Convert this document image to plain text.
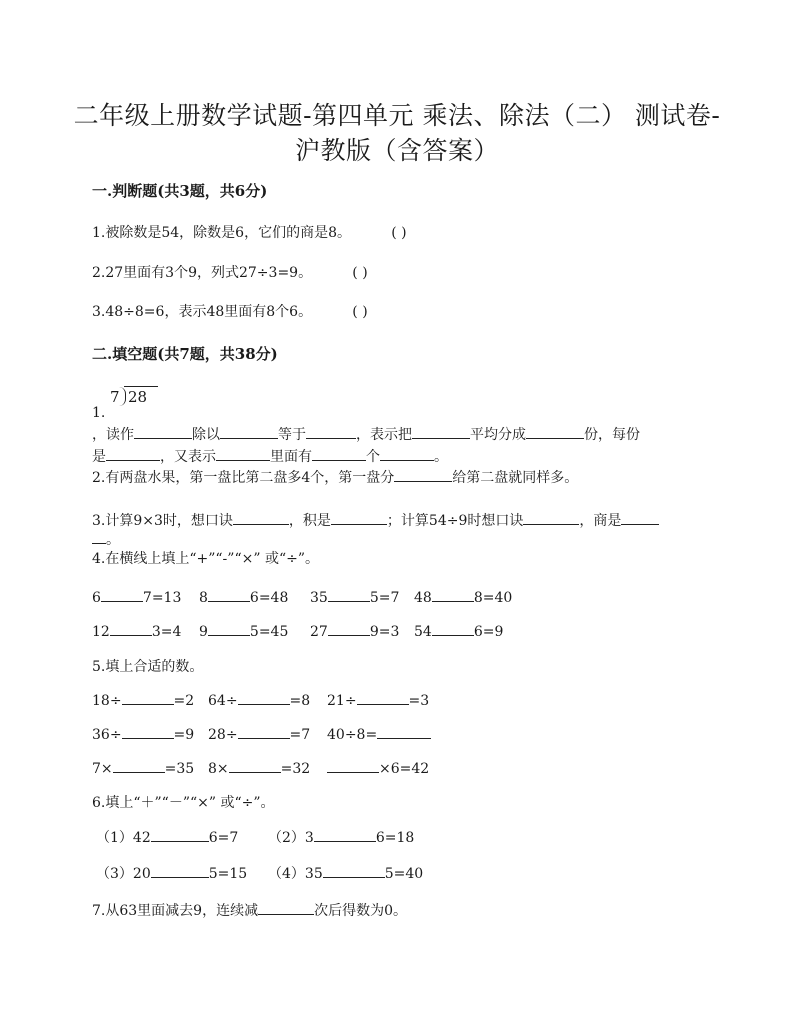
二年级上册数学试题-第四单元 乘法、除法（二） 测试卷-
沪教版（含答案）
一.判断题(共3题，共6分)
1.被除数是54，除数是6，它们的商是8。	( )
2.27里面有3个9，列式27÷3=9。	( )
3.48÷8=6，表示48里面有8个6。	( )
二.填空题(共7题，共38分)
7 28
1.
，读作	除以	等于	，表示把	平均分成	份，每份
是	，又表示	里面有	个	。
2.有两盘水果，第一盘比第二盘多4个，第一盘分	给第二盘就同样多。
3.计算9×3时，想口诀	，积是	；计算54÷9时想口诀	，商是
。
4.在横线上填上“+”“-”“×” 或“÷”。
6	7=13 8	6=48 35	5=7 48	8=40
12	3=4 9	5=45 27	9=3 54	6=9
5.填上合适的数。
18÷	=2 64÷	=8 21÷	=3
36÷	=9 28÷	=7 40÷8=
7×	=35 8×	=32	×6=42
6.填上“＋”“－”“×” 或“÷”。
（1）42	6=7 （2）3	6=18
（3）20	5=15 （4）35	5=40
7.从63里面减去9，连续减	次后得数为0。
